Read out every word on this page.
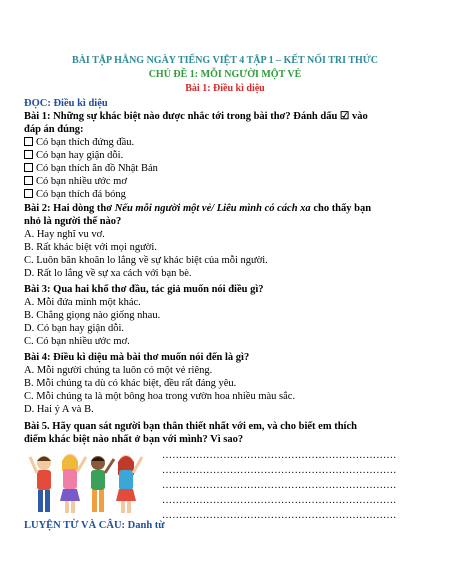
BÀI TẬP HẰNG NGÀY TIẾNG VIỆT 4 TẬP 1 – KẾT NỐI TRI THỨC
CHỦ ĐỀ 1: MỖI NGƯỜI MỘT VẺ
Bài 1: Điều kì diệu
ĐỌC: Điều kì diệu
Bài 1: Những sự khác biệt nào được nhắc tới trong bài thơ? Đánh dấu ☑ vào
đáp án đúng:
Có bạn thích đứng đầu.
Có bạn hay giận dỗi.
Có bạn thích ăn đồ Nhật Bản
Có bạn nhiều ước mơ
Có bạn thích đá bóng
Bài 2: Hai dòng thơ Nếu mỗi người một vẻ/ Liêu mình có cách xa cho thấy bạn
nhỏ là người thế nào?
A. Hay nghĩ vu vơ.
B. Rất khác biệt với mọi người.
C. Luôn băn khoăn lo lắng về sự khác biệt của mỗi người.
D. Rất lo lắng về sự xa cách với bạn bè.
Bài 3: Qua hai khổ thơ đầu, tác giả muốn nói điều gì?
A. Mỗi đứa mình một khác.
B. Chẳng giọng nào giống nhau.
D. Có bạn hay giận dỗi.
C. Có bạn nhiều ước mơ.
Bài 4: Điều kì diệu mà bài thơ muốn nói đến là gì?
A. Mỗi người chúng ta luôn có một vẻ riêng.
B. Mỗi chúng ta dù có khác biệt, đều rất đáng yêu.
C. Mỗi chúng ta là một bông hoa trong vườn hoa nhiều màu sắc.
D. Hai ý A và B.
Bài 5. Hãy quan sát người bạn thân thiết nhất với em, và cho biết em thích
điểm khác biệt nào nhất ở bạn với mình? Vì sao?
……………………………………………………………
……………………………………………………………
……………………………………………………………
……………………………………………………………
……………………………………………………………
LUYỆN TỪ VÀ CÂU: Danh từ
